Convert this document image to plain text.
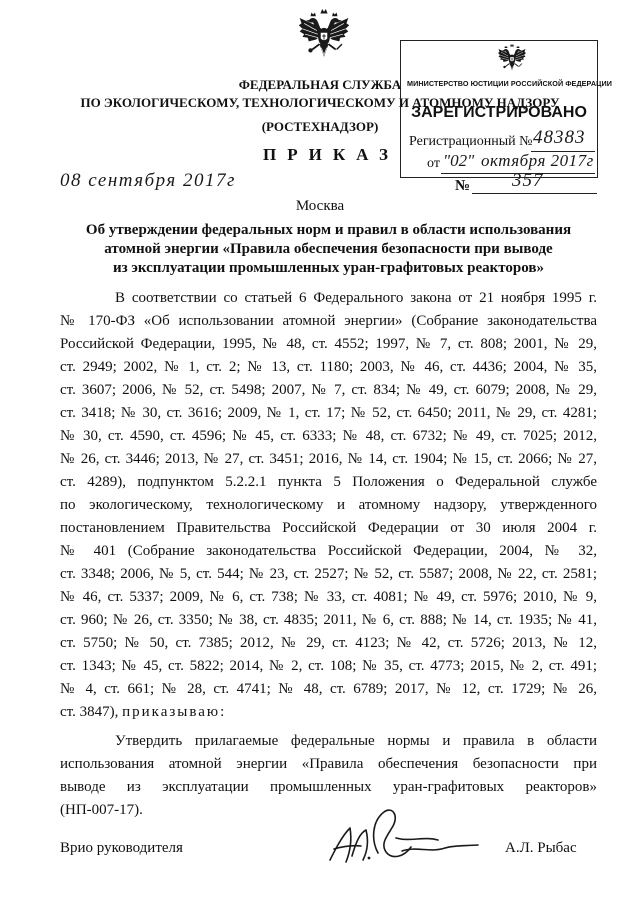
ФЕДЕРАЛЬНАЯ СЛУЖБА
ПО ЭКОЛОГИЧЕСКОМУ, ТЕХНОЛОГИЧЕСКОМУ И АТОМНОМУ НАДЗОРУ
(РОСТЕХНАДЗОР)
ПРИКАЗ
МИНИСТЕРСТВО ЮСТИЦИИ РОССИЙСКОЙ ФЕДЕРАЦИИ
ЗАРЕГИСТРИРОВАНО
Регистрационный № 48383
от "02" октября 2017г
08 сентября 2017г	№ 357
Москва
Об утверждении федеральных норм и правил в области использования
атомной энергии «Правила обеспечения безопасности при выводе
из эксплуатации промышленных уран-графитовых реакторов»
В соответствии со статьей 6 Федерального закона от 21 ноября 1995 г.
№ 170-ФЗ «Об использовании атомной энергии» (Собрание законодательства
Российской Федерации, 1995, № 48, ст. 4552; 1997, № 7, ст. 808; 2001, № 29,
ст. 2949; 2002, № 1, ст. 2; № 13, ст. 1180; 2003, № 46, ст. 4436; 2004, № 35,
ст. 3607; 2006, № 52, ст. 5498; 2007, № 7, ст. 834; № 49, ст. 6079; 2008, № 29,
ст. 3418; № 30, ст. 3616; 2009, № 1, ст. 17; № 52, ст. 6450; 2011, № 29, ст. 4281;
№ 30, ст. 4590, ст. 4596; № 45, ст. 6333; № 48, ст. 6732; № 49, ст. 7025; 2012,
№ 26, ст. 3446; 2013, № 27, ст. 3451; 2016, № 14, ст. 1904; № 15, ст. 2066; № 27,
ст. 4289), подпунктом 5.2.2.1 пункта 5 Положения о Федеральной службе
по экологическому, технологическому и атомному надзору, утвержденного
постановлением Правительства Российской Федерации от 30 июля 2004 г.
№ 401 (Собрание законодательства Российской Федерации, 2004, № 32,
ст. 3348; 2006, № 5, ст. 544; № 23, ст. 2527; № 52, ст. 5587; 2008, № 22, ст. 2581;
№ 46, ст. 5337; 2009, № 6, ст. 738; № 33, ст. 4081; № 49, ст. 5976; 2010, № 9,
ст. 960; № 26, ст. 3350; № 38, ст. 4835; 2011, № 6, ст. 888; № 14, ст. 1935; № 41,
ст. 5750; № 50, ст. 7385; 2012, № 29, ст. 4123; № 42, ст. 5726; 2013, № 12,
ст. 1343; № 45, ст. 5822; 2014, № 2, ст. 108; № 35, ст. 4773; 2015, № 2, ст. 491;
№ 4, ст. 661; № 28, ст. 4741; № 48, ст. 6789; 2017, № 12, ст. 1729; № 26,
ст. 3847), приказываю:
Утвердить прилагаемые федеральные нормы и правила в области
использования атомной энергии «Правила обеспечения безопасности при
выводе из эксплуатации промышленных уран-графитовых реакторов»
(НП-007-17).
Врио руководителя	А.Л. Рыбас
